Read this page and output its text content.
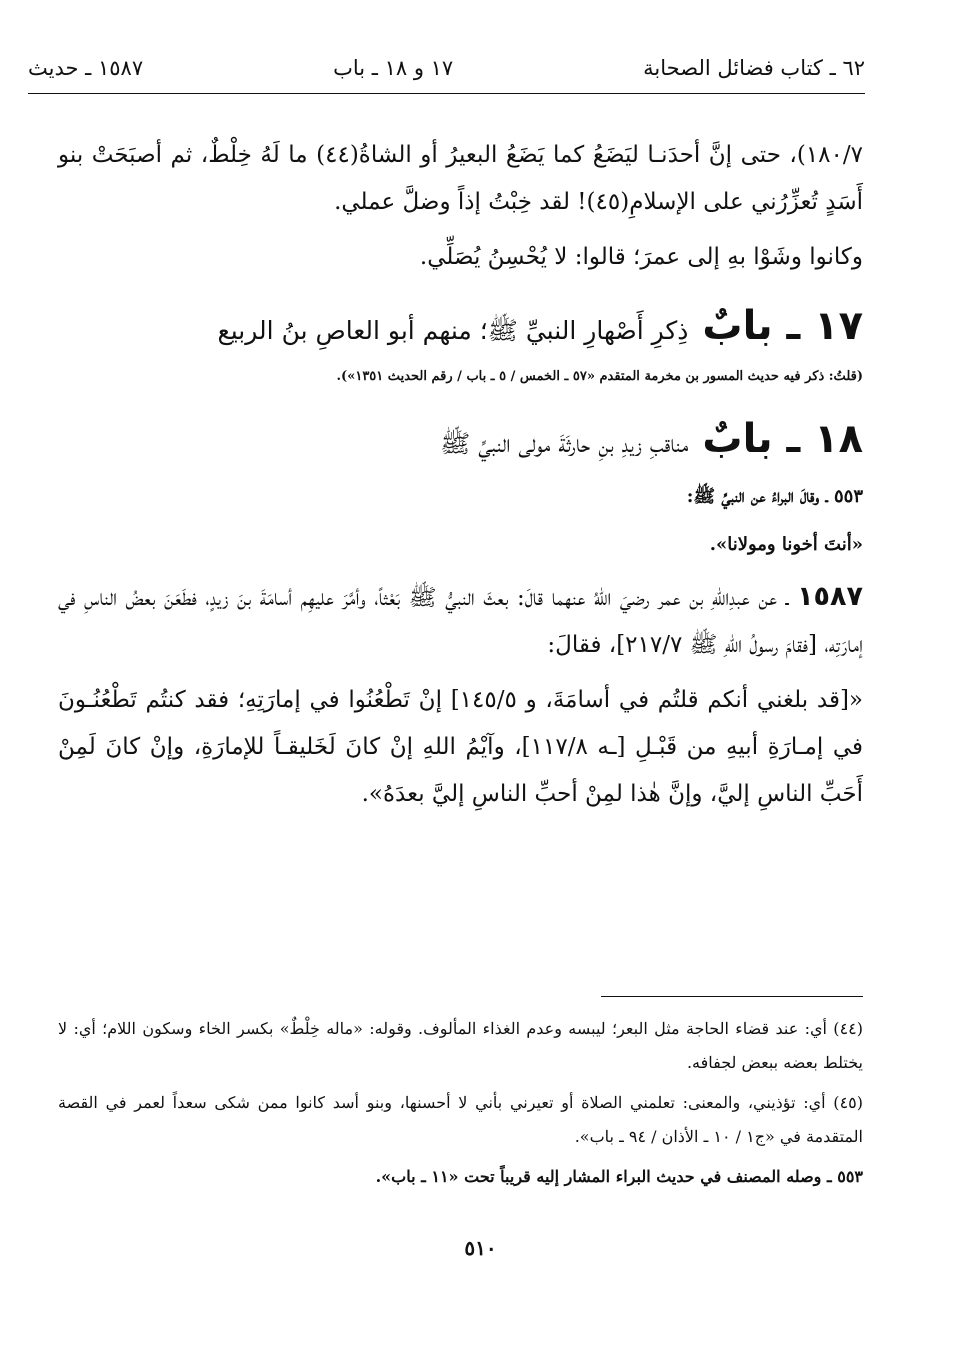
٦٢ ـ كتاب فضائل الصحابة
١٧ و ١٨ ـ باب
١٥٨٧ ـ حديث

١٨٠/٧)، حتى إنَّ أحدَنـا ليَضَعُ كما يَضَعُ البعيرُ أو الشاةُ(٤٤) ما لَهُ خِلْطٌ، ثم أصبَحَتْ بنو أَسَدٍ تُعزِّرُني على الإسلامِ(٤٥)! لقد خِبْتُ إذاً وضلَّ عملي.

وكانوا وشَوْا بهِ إلى عمرَ؛ قالوا: لا يُحْسِنُ يُصَلِّي.

١٧ ـ بابٌ ذِكرِ أَصْهارِ النبيِّ ﷺ؛ منهم أبو العاصِ بنُ الربيع

(قلتُ: ذكر فيه حديث المسور بن مخرمة المتقدم «٥٧ ـ الخمس / ٥ ـ باب / رقم الحديث ١٣٥١»).

١٨ ـ بابٌ مناقبِ زيدِ بنِ حارثَةَ مولى النبيِّ ﷺ

٥٥٣ ـ وقالَ البراءُ عن النبيِّ ﷺ:

«أنتَ أخونا ومولانا».

١٥٨٧ ـ عن عبدِاللهِ بن عمر رضيَ اللهُ عنهما قالَ: بعثَ النبيُّ ﷺ بَعْثاً، وأمَّرَ عليهِم أسامَةَ بنَ زيدٍ، فطَعَنَ بعضُ الناسِ في إمارَتِه، [فقامَ رسولُ اللهِ ﷺ ٢١٧/٧]، فقالَ:

«[قد بلغني أنكم قلتُم في أسامَةَ، و ١٤٥/٥] إنْ تَطْعُنُوا في إمارَتِهِ؛ فقد كنتُم تَطْعُنُـونَ في إمـارَةِ أبيهِ من قَبْـلِ [ـه ١١٧/٨]، وآيْمُ اللهِ إنْ كانَ لَخَليقـاً للإمارَةِ، وإنْ كانَ لَمِنْ أَحَبِّ الناسِ إليَّ، وإنَّ هٰذا لمِنْ أحبِّ الناسِ إليَّ بعدَهُ».

(٤٤) أي: عند قضاء الحاجة مثل البعر؛ ليبسه وعدم الغذاء المألوف. وقوله: «ماله خِلْطٌ» بكسر الخاء وسكون اللام؛ أي: لا يختلط بعضه ببعض لجفافه.

(٤٥) أي: تؤذيني، والمعنى: تعلمني الصلاة أو تعيرني بأني لا أحسنها، وبنو أسد كانوا ممن شكى سعداً لعمر في القصة المتقدمة في «ج١ / ١٠ ـ الأذان / ٩٤ ـ باب».

٥٥٣ ـ وصله المصنف في حديث البراء المشار إليه قريباً تحت «١١ ـ باب».

٥١٠
